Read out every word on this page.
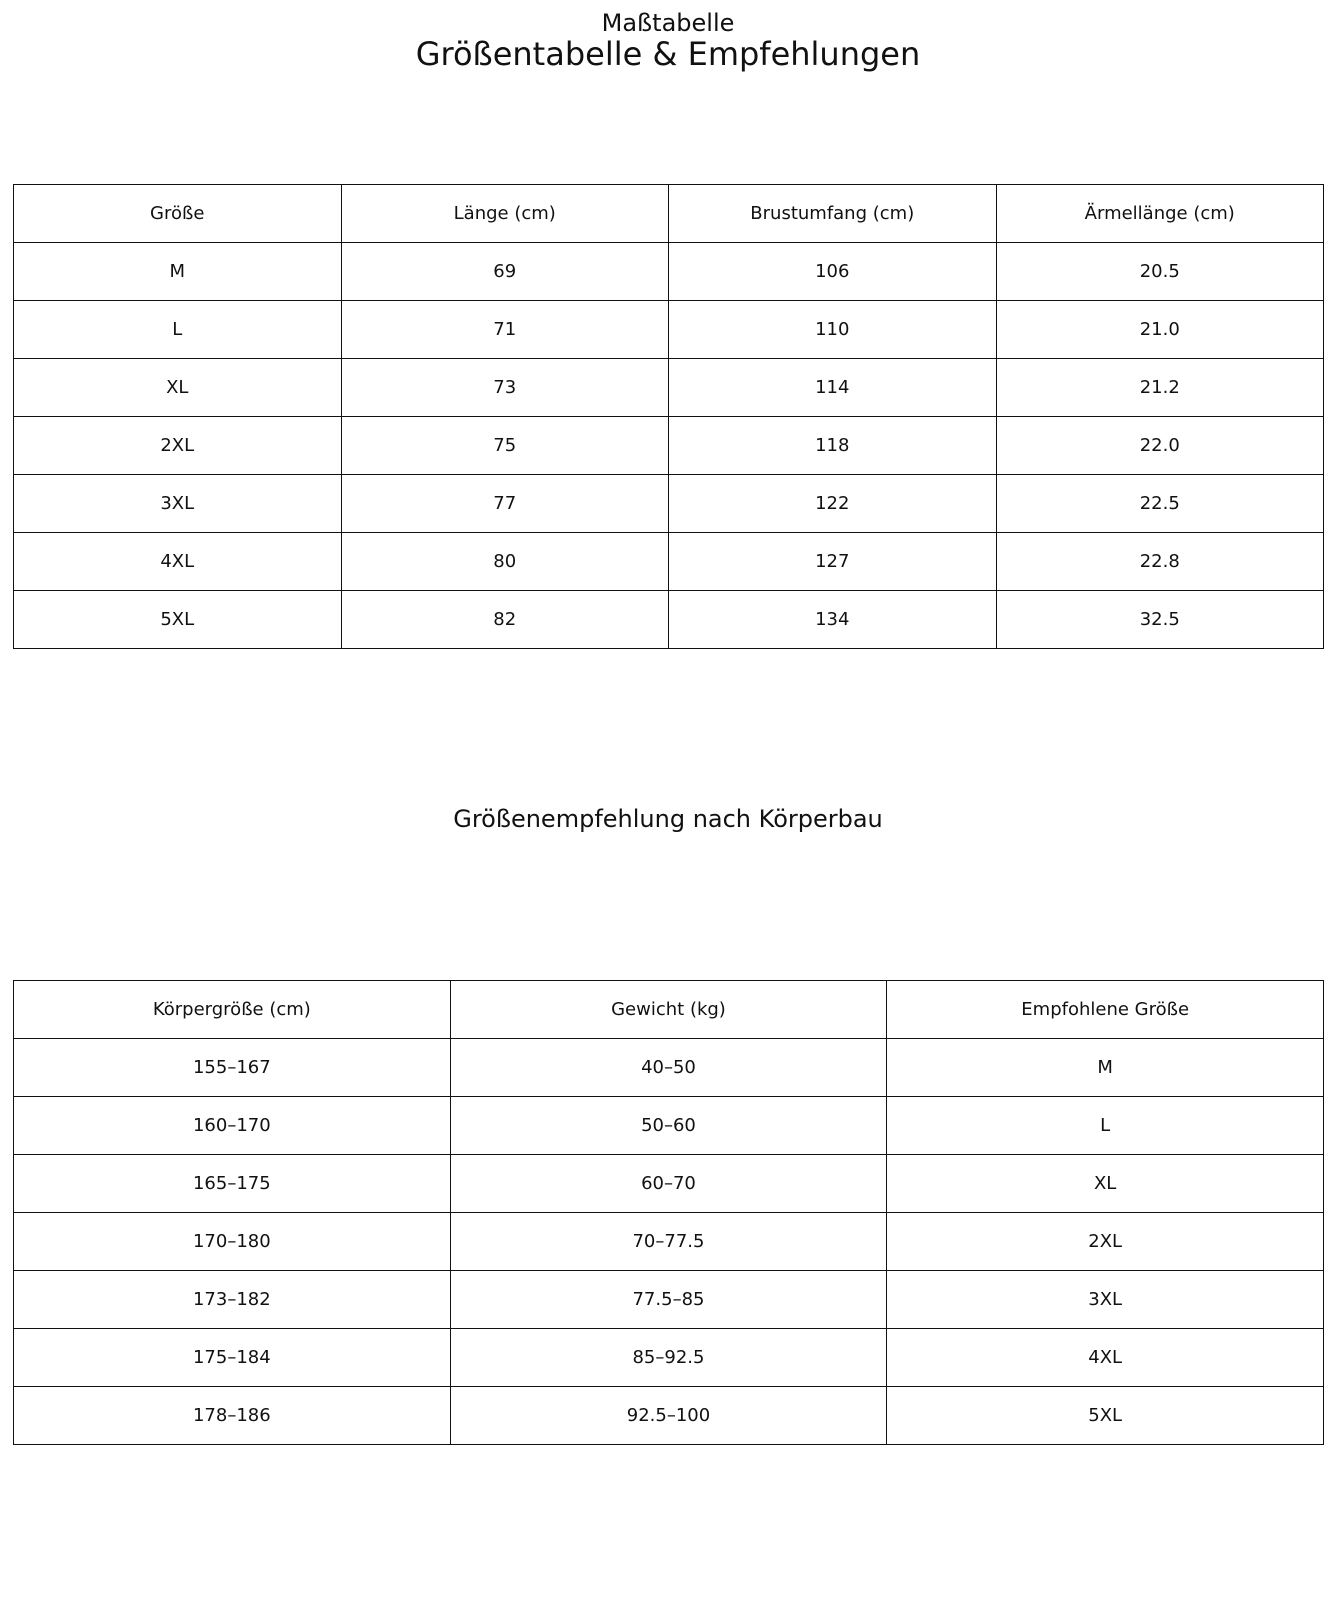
Maßtabelle
Größentabelle & Empfehlungen
Größe	Länge (cm)	Brustumfang (cm)	Ärmellänge (cm)
M	69	106	20.5
L	71	110	21.0
XL	73	114	21.2
2XL	75	118	22.0
3XL	77	122	22.5
4XL	80	127	22.8
5XL	82	134	32.5
Größenempfehlung nach Körperbau
Körpergröße (cm)	Gewicht (kg)	Empfohlene Größe
155–167	40–50	M
160–170	50–60	L
165–175	60–70	XL
170–180	70–77.5	2XL
173–182	77.5–85	3XL
175–184	85–92.5	4XL
178–186	92.5–100	5XL
